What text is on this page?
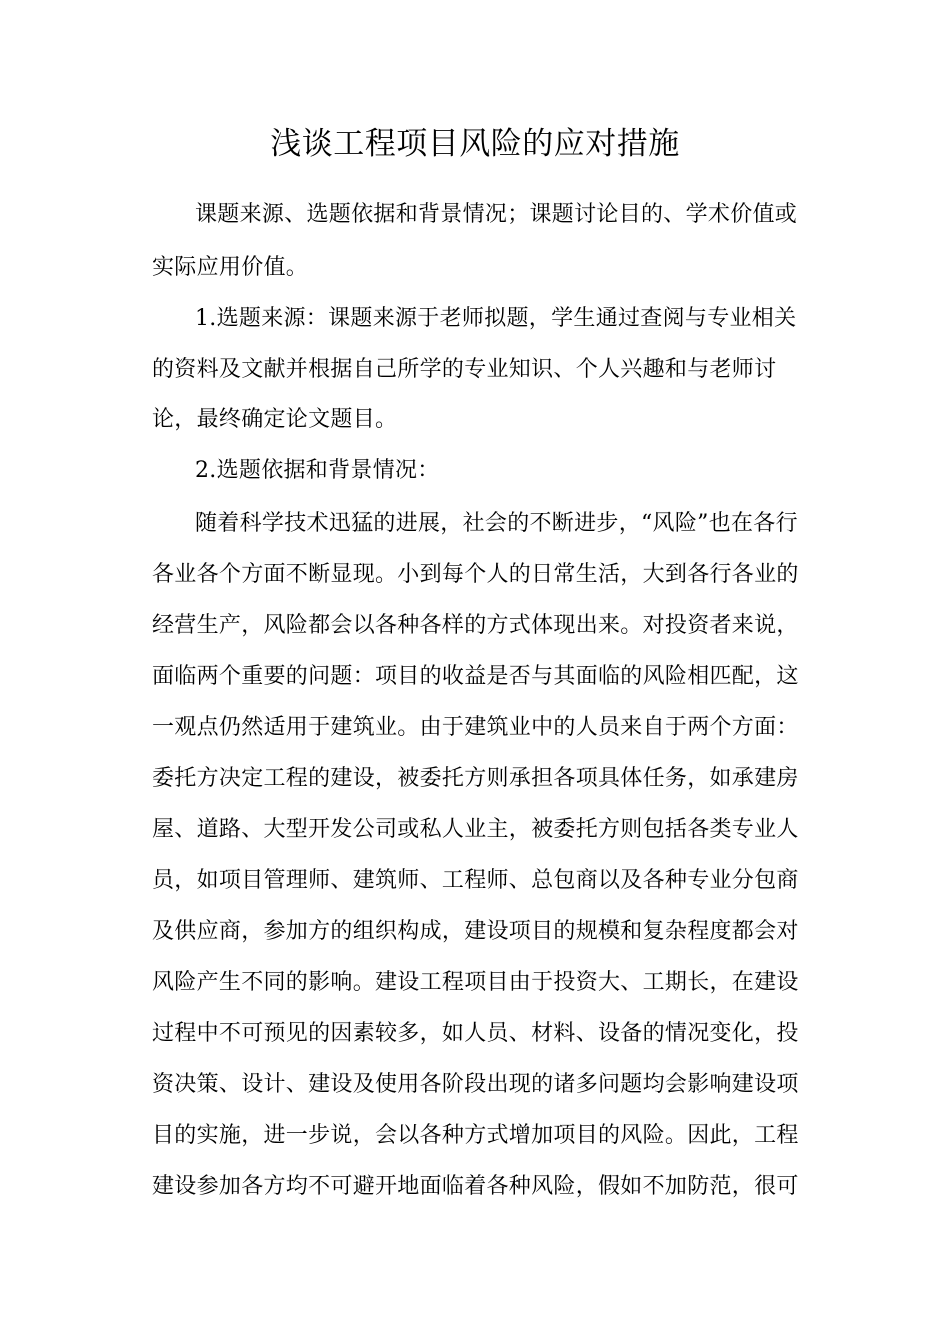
浅谈工程项目风险的应对措施
课题来源、选题依据和背景情况；课题讨论目的、学术价值或
实际应用价值。
1.选题来源：课题来源于老师拟题，学生通过查阅与专业相关
的资料及文献并根据自己所学的专业知识、个人兴趣和与老师讨
论，最终确定论文题目。
2.选题依据和背景情况：
随着科学技术迅猛的进展，社会的不断进步，“风险”也在各行
各业各个方面不断显现。小到每个人的日常生活，大到各行各业的
经营生产，风险都会以各种各样的方式体现出来。对投资者来说，
面临两个重要的问题：项目的收益是否与其面临的风险相匹配，这
一观点仍然适用于建筑业。由于建筑业中的人员来自于两个方面：
委托方决定工程的建设，被委托方则承担各项具体任务，如承建房
屋、道路、大型开发公司或私人业主，被委托方则包括各类专业人
员，如项目管理师、建筑师、工程师、总包商以及各种专业分包商
及供应商，参加方的组织构成，建设项目的规模和复杂程度都会对
风险产生不同的影响。建设工程项目由于投资大、工期长，在建设
过程中不可预见的因素较多，如人员、材料、设备的情况变化，投
资决策、设计、建设及使用各阶段出现的诸多问题均会影响建设项
目的实施，进一步说，会以各种方式增加项目的风险。因此，工程
建设参加各方均不可避开地面临着各种风险，假如不加防范，很可
